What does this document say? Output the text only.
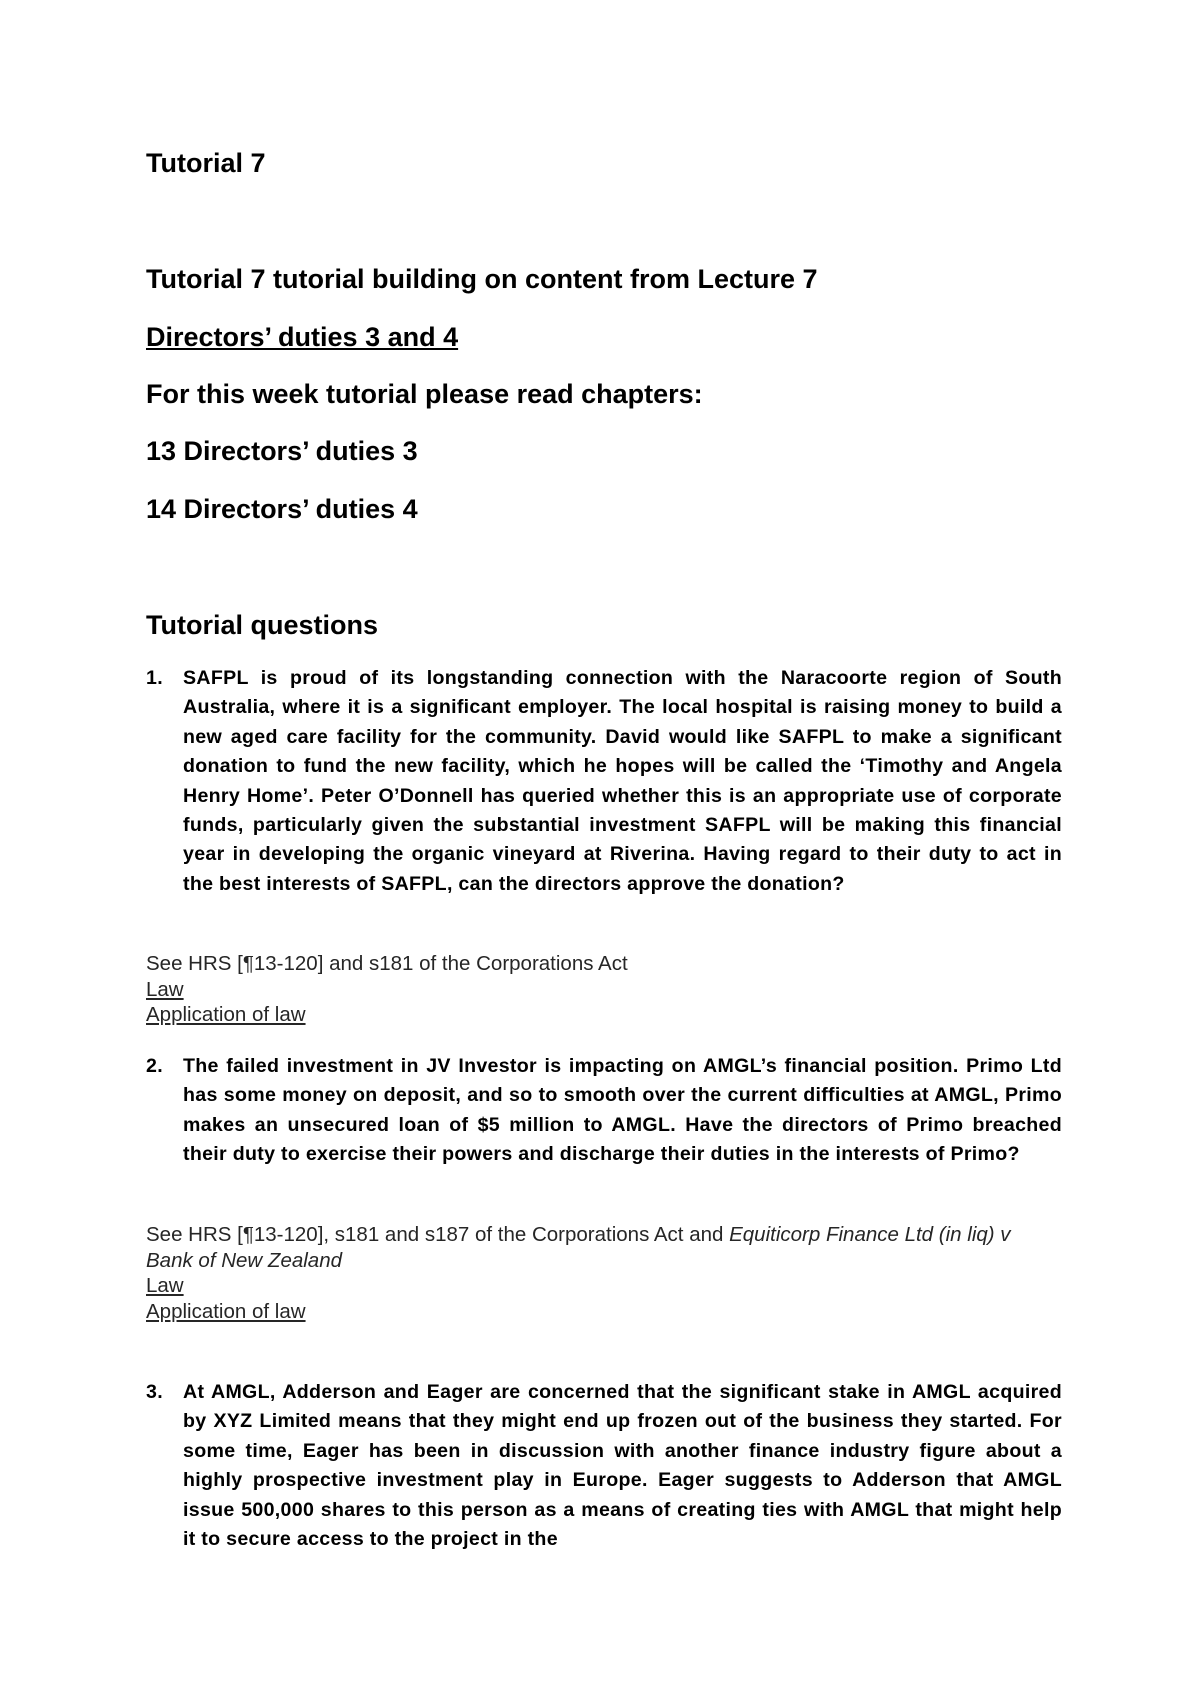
Tutorial 7
Tutorial 7 tutorial building on content from Lecture 7
Directors’ duties 3 and 4
For this week tutorial please read chapters:
13 Directors’ duties 3
14 Directors’ duties 4
Tutorial questions
1. SAFPL is proud of its longstanding connection with the Naracoorte region of South Australia, where it is a significant employer. The local hospital is raising money to build a new aged care facility for the community. David would like SAFPL to make a significant donation to fund the new facility, which he hopes will be called the ‘Timothy and Angela Henry Home’. Peter O’Donnell has queried whether this is an appropriate use of corporate funds, particularly given the substantial investment SAFPL will be making this financial year in developing the organic vineyard at Riverina. Having regard to their duty to act in the best interests of SAFPL, can the directors approve the donation?
See HRS [¶13-120] and s181 of the Corporations Act
Law
Application of law
2. The failed investment in JV Investor is impacting on AMGL’s financial position. Primo Ltd has some money on deposit, and so to smooth over the current difficulties at AMGL, Primo makes an unsecured loan of $5 million to AMGL. Have the directors of Primo breached their duty to exercise their powers and discharge their duties in the interests of Primo?
See HRS [¶13-120], s181 and s187 of the Corporations Act and Equiticorp Finance Ltd (in liq) v Bank of New Zealand
Law
Application of law
3. At AMGL, Adderson and Eager are concerned that the significant stake in AMGL acquired by XYZ Limited means that they might end up frozen out of the business they started. For some time, Eager has been in discussion with another finance industry figure about a highly prospective investment play in Europe. Eager suggests to Adderson that AMGL issue 500,000 shares to this person as a means of creating ties with AMGL that might help it to secure access to the project in the
